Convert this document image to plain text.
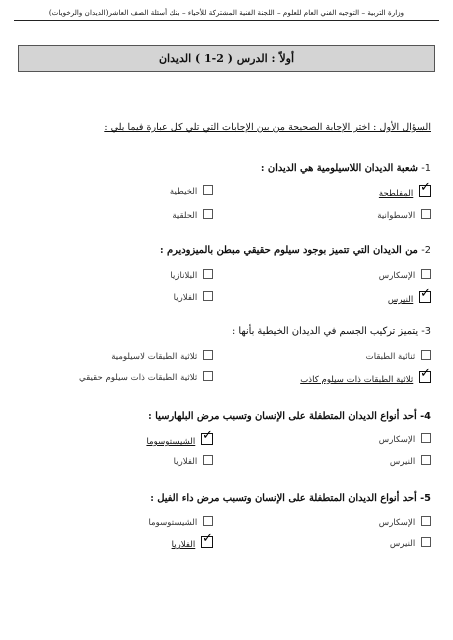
وزارة التربية – التوجيه الفني العام للعلوم – اللجنة الفنية المشتركة للأحياء – بنك أسئلة الصف العاشر(الديدان والرخويات)
أولاً : الدرس ( 2-1 ) الديدان
السؤال الأول : اختر الإجابة الصحيحة من بين الإجابات التي تلي كل عبارة فيما يلي :
1- شعبة الديدان اللاسيلومية هي الديدان :
✓
المفلطحة
الخيطية
الاسطوانية
الحلقية
2- من الديدان التي تتميز بوجود سيلوم حقيقي مبطن بالميزوديرم :
الإسكارس
البلانازيا
✓
النيرس
الفلاريا
3- يتميز تركيب الجسم في الديدان الخيطية بأنها :
ثنائية الطبقات
ثلاثية الطبقات لاسيلومية
✓
ثلاثية الطبقات ذات سيلوم كاذب
ثلاثية الطبقات ذات سيلوم حقيقي
4- أحد أنواع الديدان المتطفلة على الإنسان وتسبب مرض البلهارسيا :
الإسكارس
✓
الشيستوسوما
النيرس
الفلاريا
5- أحد أنواع الديدان المتطفلة على الإنسان وتسبب مرض داء الفيل :
الإسكارس
الشيستوسوما
النيرس
✓
الفلاريا
